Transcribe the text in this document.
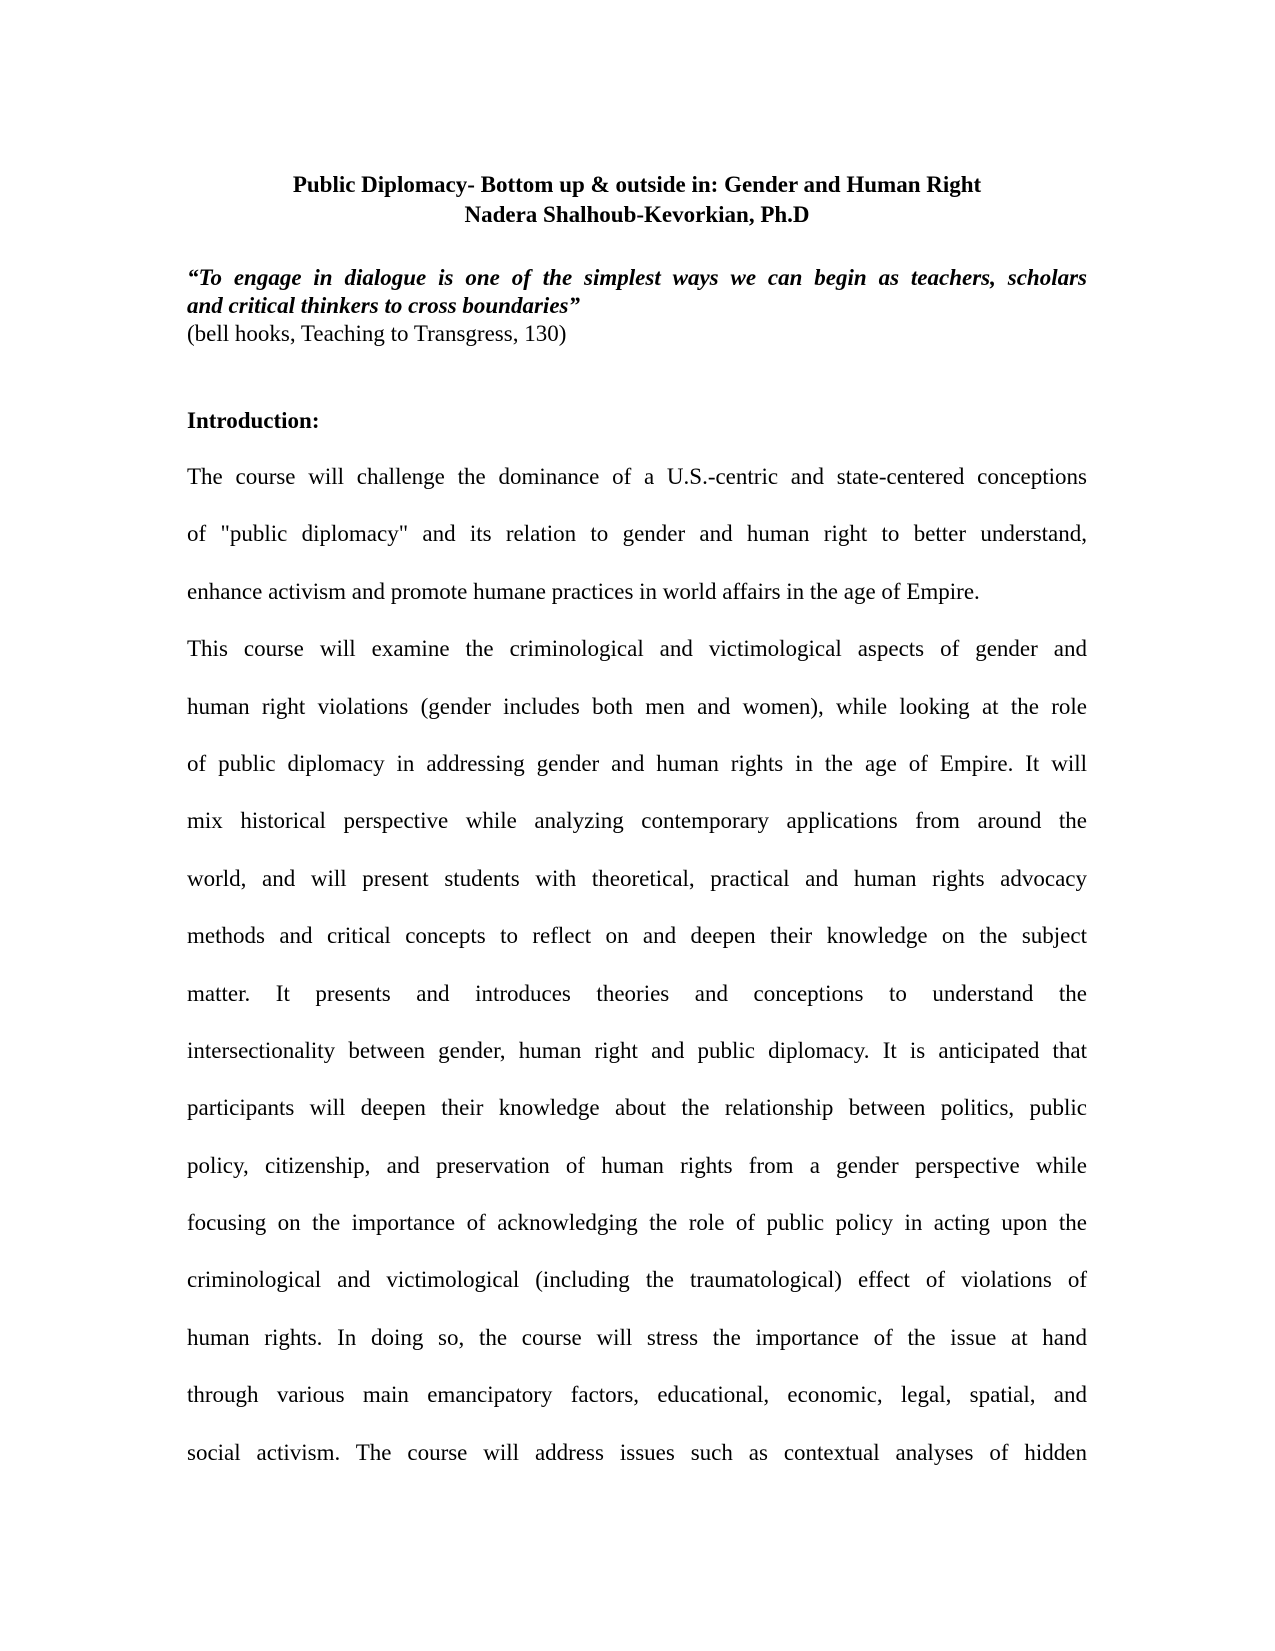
Public Diplomacy- Bottom up & outside in: Gender and Human Right
Nadera Shalhoub-Kevorkian, Ph.D
“To engage in dialogue is one of the simplest ways we can begin as teachers, scholars
and critical thinkers to cross boundaries”
(bell hooks, Teaching to Transgress, 130)
Introduction:
The course will challenge the dominance of a U.S.-centric and state-centered conceptions
of "public diplomacy" and its relation to gender and human right to better understand,
enhance activism and promote humane practices in world affairs in the age of Empire.
This course will examine the criminological and victimological aspects of gender and
human right violations (gender includes both men and women), while looking at the role
of public diplomacy in addressing gender and human rights in the age of Empire. It will
mix historical perspective while analyzing contemporary applications from around the
world, and will present students with theoretical, practical and human rights advocacy
methods and critical concepts to reflect on and deepen their knowledge on the subject
matter. It presents and introduces theories and conceptions to understand the
intersectionality between gender, human right and public diplomacy. It is anticipated that
participants will deepen their knowledge about the relationship between politics, public
policy, citizenship, and preservation of human rights from a gender perspective while
focusing on the importance of acknowledging the role of public policy in acting upon the
criminological and victimological (including the traumatological) effect of violations of
human rights. In doing so, the course will stress the importance of the issue at hand
through various main emancipatory factors, educational, economic, legal, spatial, and
social activism. The course will address issues such as contextual analyses of hidden
